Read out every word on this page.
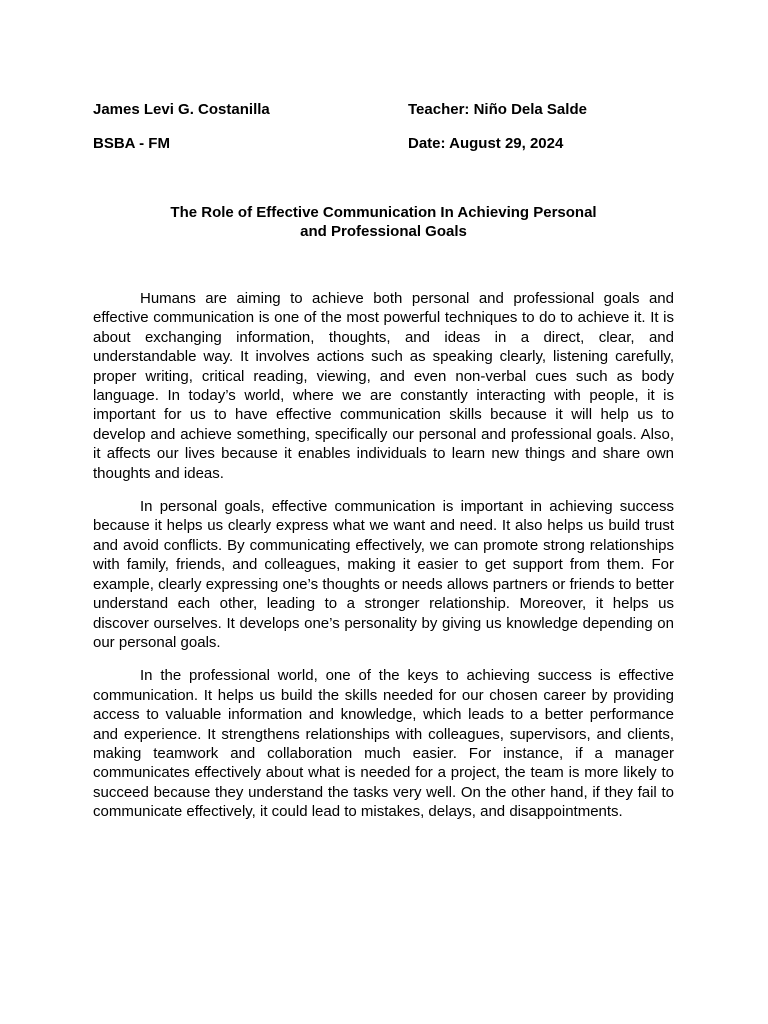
James Levi G. Costanilla	Teacher: Niño Dela Salde
BSBA - FM	Date: August 29, 2024
The Role of Effective Communication In Achieving Personal
and Professional Goals

Humans are aiming to achieve both personal and professional goals and effective communication is one of the most powerful techniques to do to achieve it. It is about exchanging information, thoughts, and ideas in a direct, clear, and understandable way. It involves actions such as speaking clearly, listening carefully, proper writing, critical reading, viewing, and even non-verbal cues such as body language. In today’s world, where we are constantly interacting with people, it is important for us to have effective communication skills because it will help us to develop and achieve something, specifically our personal and professional goals. Also, it affects our lives because it enables individuals to learn new things and share own thoughts and ideas.

In personal goals, effective communication is important in achieving success because it helps us clearly express what we want and need. It also helps us build trust and avoid conflicts. By communicating effectively, we can promote strong relationships with family, friends, and colleagues, making it easier to get support from them. For example, clearly expressing one’s thoughts or needs allows partners or friends to better understand each other, leading to a stronger relationship. Moreover, it helps us discover ourselves. It develops one’s personality by giving us knowledge depending on our personal goals.

In the professional world, one of the keys to achieving success is effective communication. It helps us build the skills needed for our chosen career by providing access to valuable information and knowledge, which leads to a better performance and experience. It strengthens relationships with colleagues, supervisors, and clients, making teamwork and collaboration much easier. For instance, if a manager communicates effectively about what is needed for a project, the team is more likely to succeed because they understand the tasks very well. On the other hand, if they fail to communicate effectively, it could lead to mistakes, delays, and disappointments.
